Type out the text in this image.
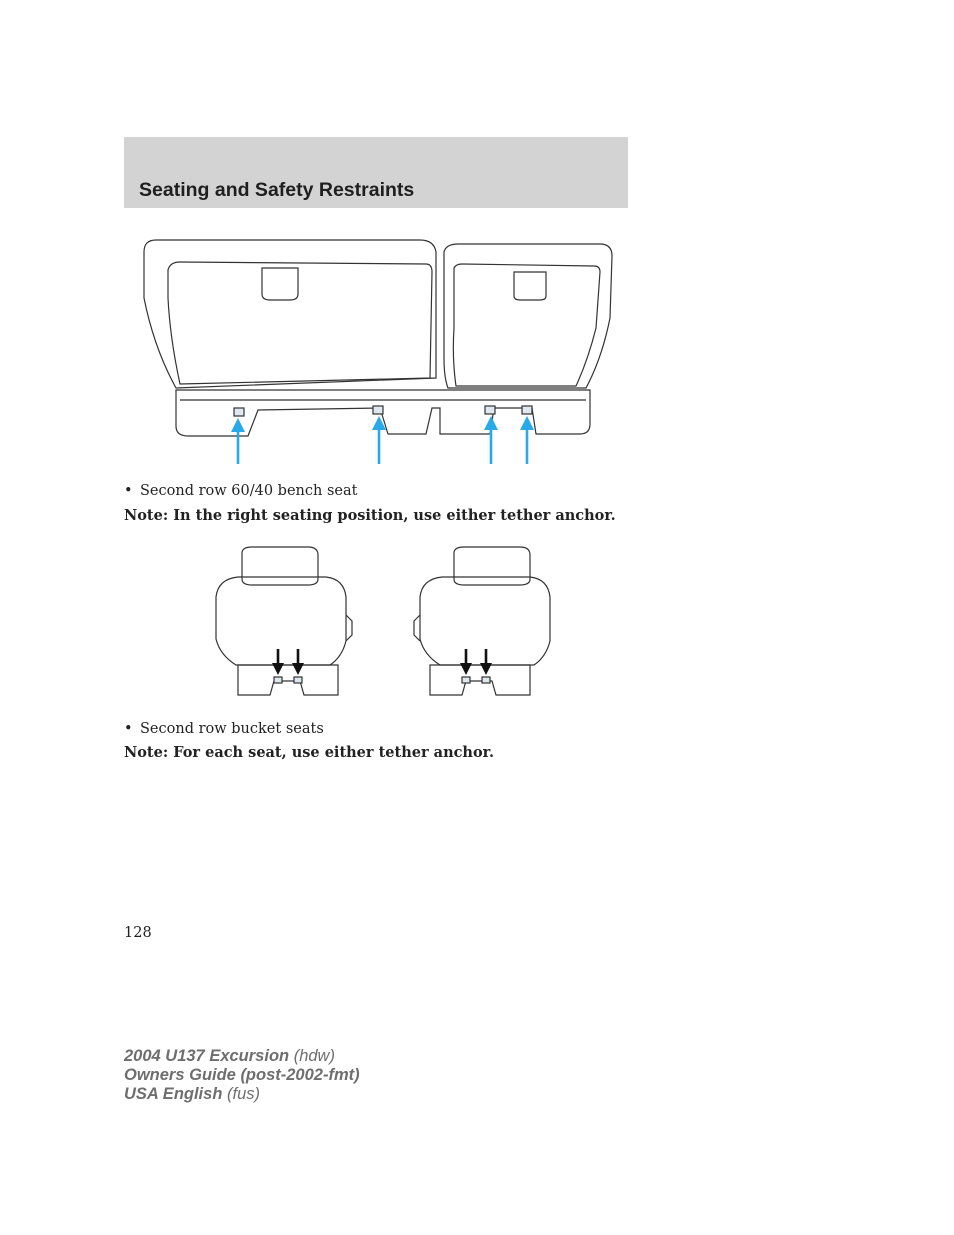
Seating and Safety Restraints
• Second row 60/40 bench seat
Note: In the right seating position, use either tether anchor.
• Second row bucket seats
Note: For each seat, use either tether anchor.
128
2004 U137 Excursion (hdw)
Owners Guide (post-2002-fmt)
USA English (fus)
